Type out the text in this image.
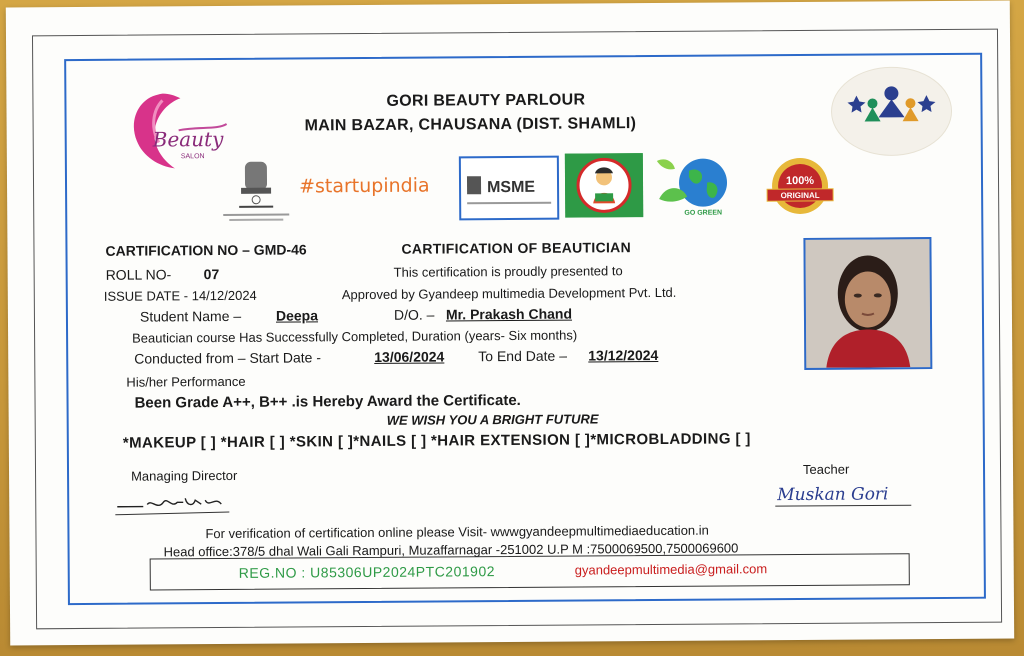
Beauty
SALON
GORI BEAUTY PARLOUR
MAIN BAZAR, CHAUSANA (DIST. SHAMLI)
#startupindia	MSME
GO GREEN
100%
ORIGINAL
CARTIFICATION NO – GMD-46	CARTIFICATION OF BEAUTICIAN
ROLL NO- 07	This certification is proudly presented to
ISSUE DATE - 14/12/2024	Approved by Gyandeep multimedia Development Pvt. Ltd.
Student Name – Deepa	D/O. – Mr. Prakash Chand
Beautician course Has Successfully Completed, Duration (years- Six months)
Conducted from – Start Date -	13/06/2024 To End Date – 13/12/2024
His/her Performance
Been Grade A++, B++ .is Hereby Award the Certificate.
WE WISH YOU A BRIGHT FUTURE
*MAKEUP [ ] *HAIR [ ] *SKIN [ ]*NAILS [ ] *HAIR EXTENSION [ ]*MICROBLADDING [ ]
Managing Director	Teacher
Muskan Gori
For verification of certification online please Visit- wwwgyandeepmultimediaeducation.in
Head office:378/5 dhal Wali Gali Rampuri, Muzaffarnagar -251002 U.P M :7500069500,7500069600
REG.NO : U85306UP2024PTC201902	gyandeepmultimedia@gmail.com
